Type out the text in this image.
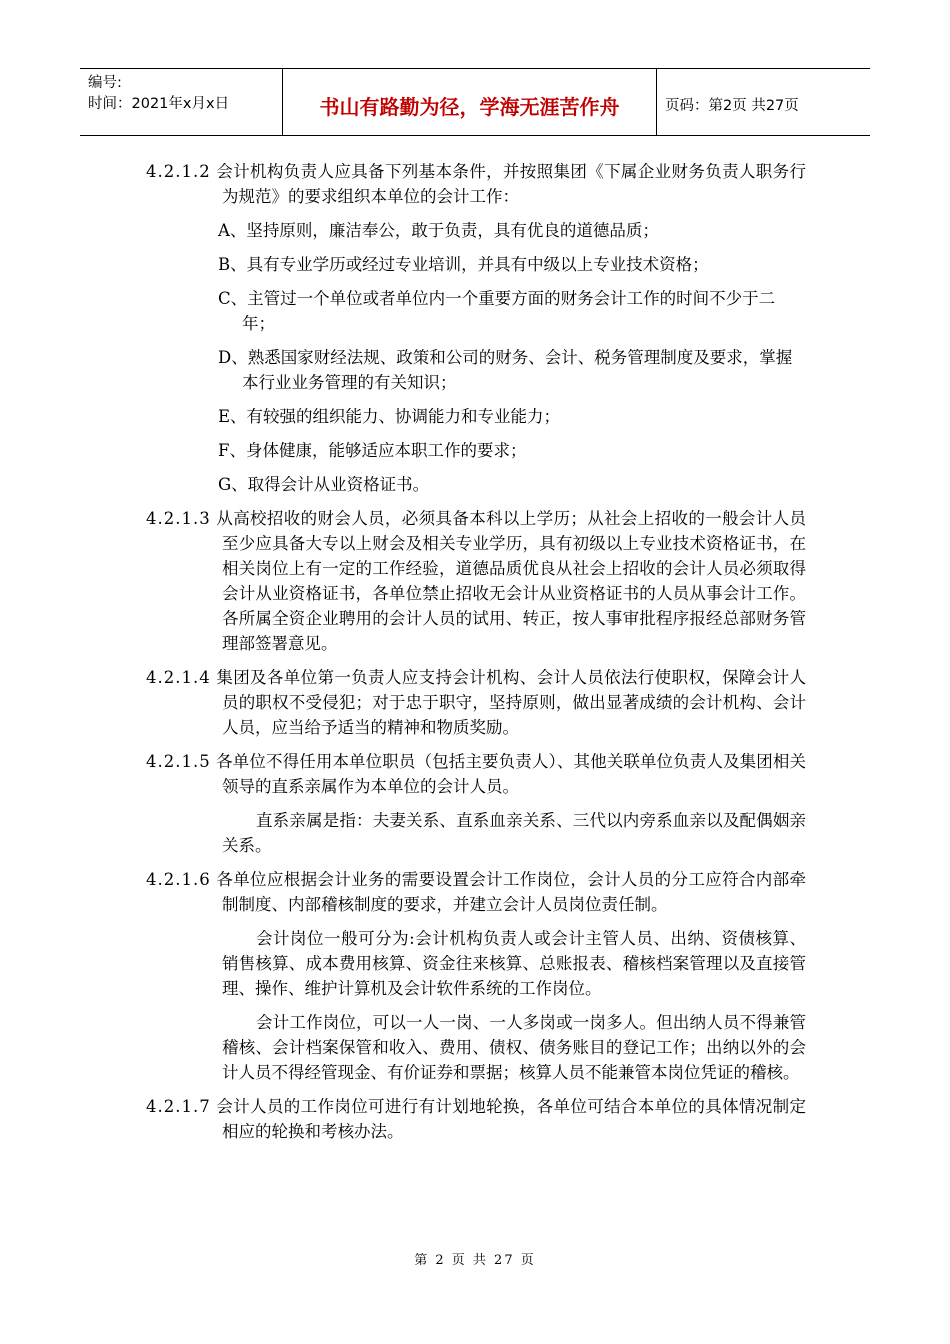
编号:
时间：2021年x月x日	书山有路勤为径，学海无涯苦作舟	页码：第2页 共27页

4.2.1.2 会计机构负责人应具备下列基本条件，并按照集团《下属企业财务负责人职务行为规范》的要求组织本单位的会计工作：

A、坚持原则，廉洁奉公，敢于负责，具有优良的道德品质；

B、具有专业学历或经过专业培训，并具有中级以上专业技术资格；

C、主管过一个单位或者单位内一个重要方面的财务会计工作的时间不少于二年；

D、熟悉国家财经法规、政策和公司的财务、会计、税务管理制度及要求，掌握本行业业务管理的有关知识；

E、有较强的组织能力、协调能力和专业能力；

F、身体健康，能够适应本职工作的要求；

G、取得会计从业资格证书。

4.2.1.3 从高校招收的财会人员，必须具备本科以上学历；从社会上招收的一般会计人员至少应具备大专以上财会及相关专业学历，具有初级以上专业技术资格证书，在相关岗位上有一定的工作经验，道德品质优良从社会上招收的会计人员必须取得会计从业资格证书，各单位禁止招收无会计从业资格证书的人员从事会计工作。各所属全资企业聘用的会计人员的试用、转正，按人事审批程序报经总部财务管理部签署意见。

4.2.1.4 集团及各单位第一负责人应支持会计机构、会计人员依法行使职权，保障会计人员的职权不受侵犯；对于忠于职守，坚持原则，做出显著成绩的会计机构、会计人员，应当给予适当的精神和物质奖励。

4.2.1.5 各单位不得任用本单位职员（包括主要负责人）、其他关联单位负责人及集团相关领导的直系亲属作为本单位的会计人员。

直系亲属是指：夫妻关系、直系血亲关系、三代以内旁系血亲以及配偶姻亲关系。

4.2.1.6 各单位应根据会计业务的需要设置会计工作岗位，会计人员的分工应符合内部牵制制度、内部稽核制度的要求，并建立会计人员岗位责任制。

会计岗位一般可分为:会计机构负责人或会计主管人员、出纳、资债核算、销售核算、成本费用核算、资金往来核算、总账报表、稽核档案管理以及直接管理、操作、维护计算机及会计软件系统的工作岗位。

会计工作岗位，可以一人一岗、一人多岗或一岗多人。但出纳人员不得兼管稽核、会计档案保管和收入、费用、债权、债务账目的登记工作；出纳以外的会计人员不得经管现金、有价证券和票据；核算人员不能兼管本岗位凭证的稽核。

4.2.1.7 会计人员的工作岗位可进行有计划地轮换，各单位可结合本单位的具体情况制定相应的轮换和考核办法。

第 2 页 共 27 页
